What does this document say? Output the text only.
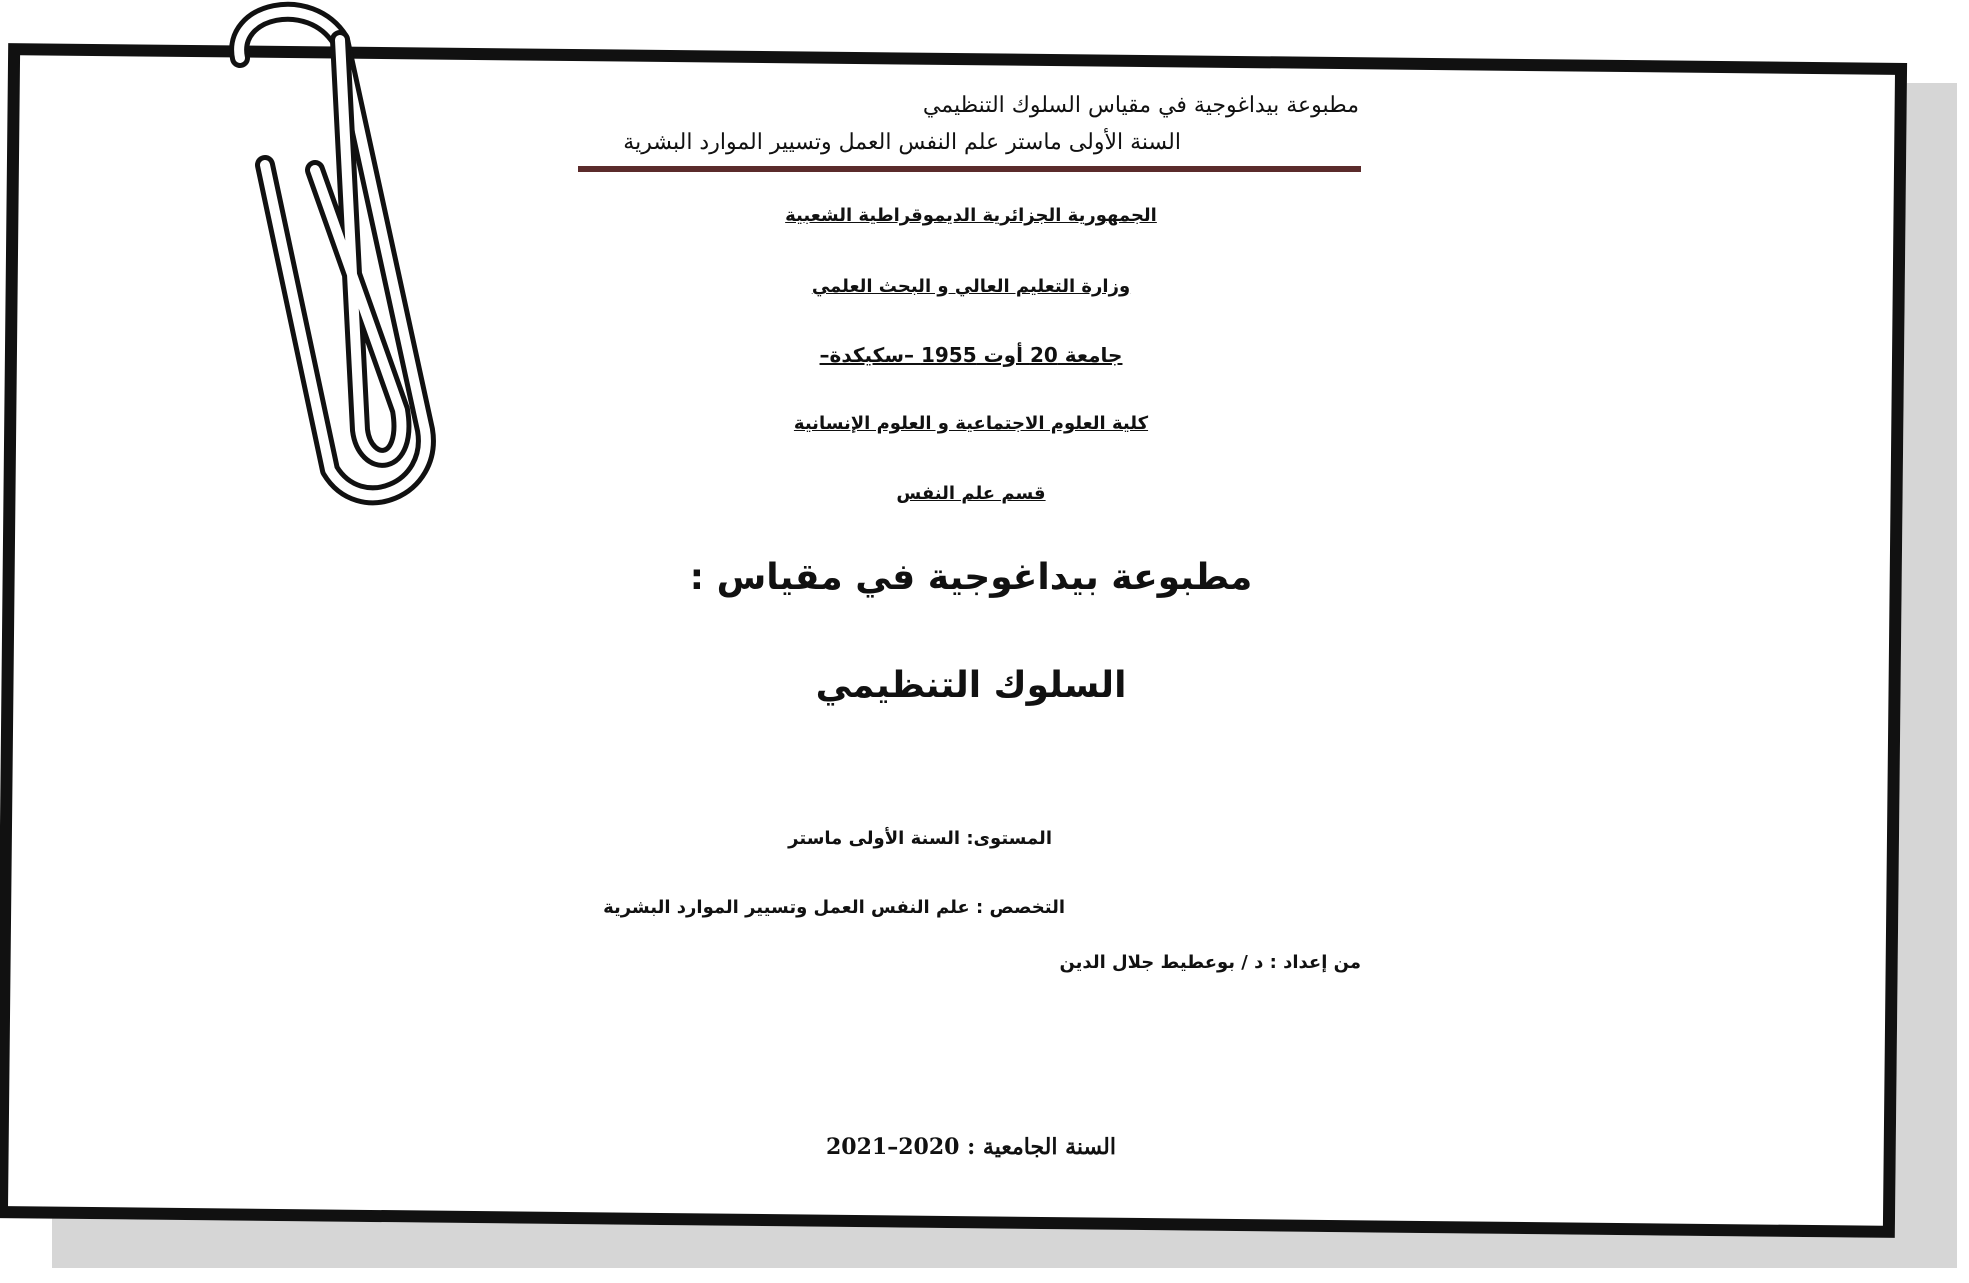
مطبوعة بيداغوجية في مقياس السلوك التنظيمي
السنة الأولى ماستر علم النفس العمل وتسيير الموارد البشرية
الجمهورية الجزائرية الديموقراطية الشعبية
وزارة التعليم العالي و البحث العلمي
جامعة 20 أوت 1955 –سكيكدة–
كلية العلوم الاجتماعية و العلوم الإنسانية
قسم علم النفس
مطبوعة بيداغوجية في مقياس :
السلوك التنظيمي
المستوى: السنة الأولى ماستر
التخصص : علم النفس العمل وتسيير الموارد البشرية
من إعداد : د / بوعطيط جلال الدين
السنة الجامعية : 2020–2021
